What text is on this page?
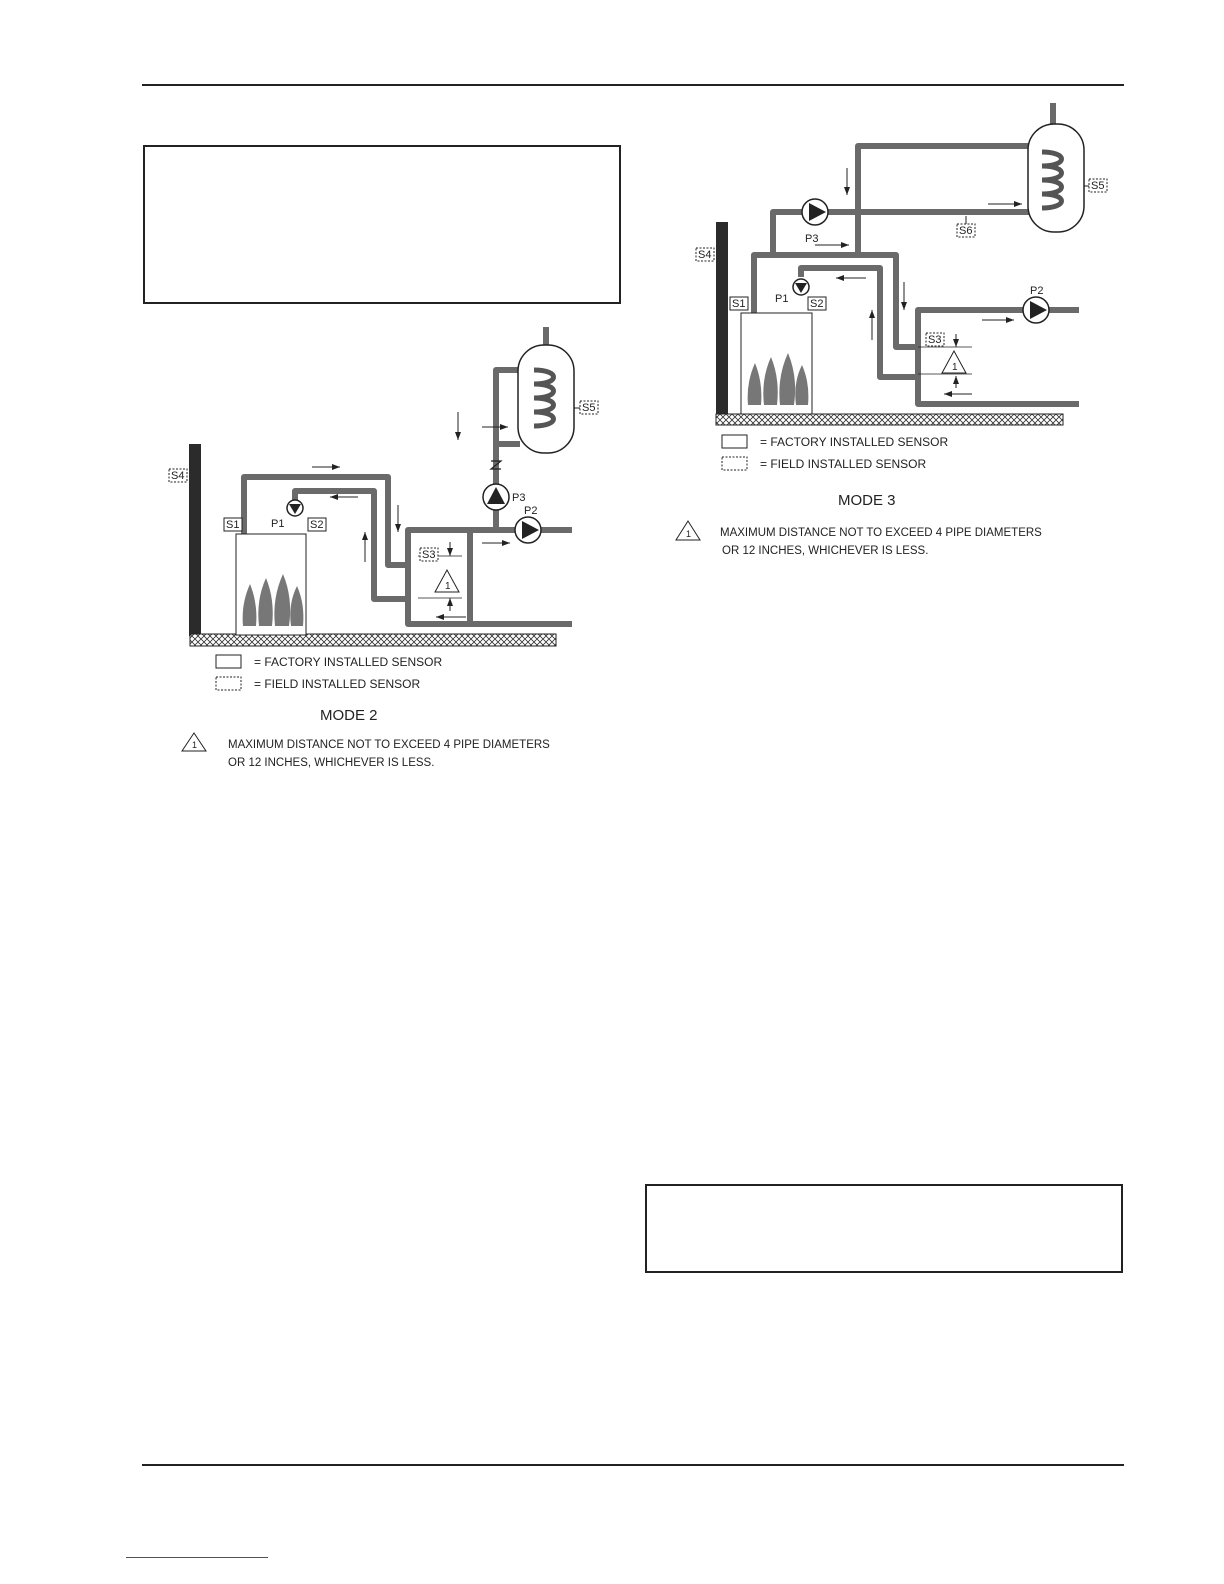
1
S1	S2
S3
S4
S5
P1
P3
P2
= FACTORY INSTALLED SENSOR
= FIELD INSTALLED SENSOR
MODE 2
1	MAXIMUM DISTANCE NOT TO EXCEED 4 PIPE DIAMETERS
OR 12 INCHES, WHICHEVER IS LESS.
1
S1	S2
S3
S4
S5
S6
P1
P3
P2
= FACTORY INSTALLED SENSOR
= FIELD INSTALLED SENSOR
MODE 3
1	MAXIMUM DISTANCE NOT TO EXCEED 4 PIPE DIAMETERS
OR 12 INCHES, WHICHEVER IS LESS.
